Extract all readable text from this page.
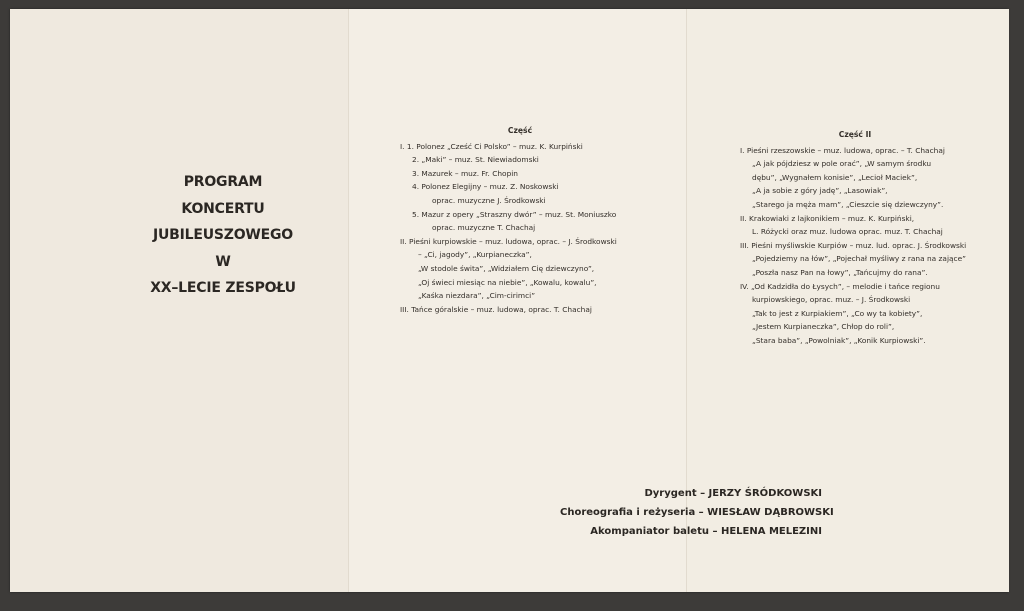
PROGRAM
KONCERTU
JUBILEUSZOWEGO
W
XX–LECIE ZESPOŁU
Część
I. 1. Polonez „Cześć Ci Polsko” – muz. K. Kurpiński
2. „Maki” – muz. St. Niewiadomski
3. Mazurek – muz. Fr. Chopin
4. Polonez Elegijny – muz. Z. Noskowski
oprac. muzyczne J. Środkowski
5. Mazur z opery „Straszny dwór” – muz. St. Moniuszko
oprac. muzyczne T. Chachaj
II. Pieśni kurpiowskie – muz. ludowa, oprac. – J. Środkowski
– „Ci, jagody”, „Kurpianeczka”,
„W stodole świta”, „Widziałem Cię dziewczyno”,
„Oj świeci miesiąc na niebie”, „Kowalu, kowalu”,
„Kaśka niezdara”, „Cim-cirimci”
III. Tańce góralskie – muz. ludowa, oprac. T. Chachaj
Część II
I. Pieśni rzeszowskie – muz. ludowa, oprac. – T. Chachaj
„A jak pójdziesz w pole orać”, „W samym środku
dębu”, „Wygnałem konisie”, „Lecioł Maciek”,
„A ja sobie z góry jadę”, „Lasowiak”,
„Starego ja męża mam”, „Cieszcie się dziewczyny”.
II. Krakowiaki z lajkonikiem – muz. K. Kurpiński,
L. Różycki oraz muz. ludowa oprac. muz. T. Chachaj
III. Pieśni myśliwskie Kurpiów – muz. lud. oprac. J. Środkowski
„Pojedziemy na łów”, „Pojechał myśliwy z rana na zające”
„Poszła nasz Pan na łowy”, „Tańcujmy do rana”.
IV. „Od Kadzidła do Łysych”, – melodie i tańce regionu
kurpiowskiego, oprac. muz. – J. Środkowski
„Tak to jest z Kurpiakiem”, „Co wy ta kobiety”,
„Jestem Kurpianeczka”, Chłop do roli”,
„Stara baba”, „Powolniak”, „Konik Kurpiowski”.
Dyrygent – JERZY ŚRÓDKOWSKI
Choreografia i reżyseria – WIESŁAW DĄBROWSKI
Akompaniator baletu – HELENA MELEZINI
